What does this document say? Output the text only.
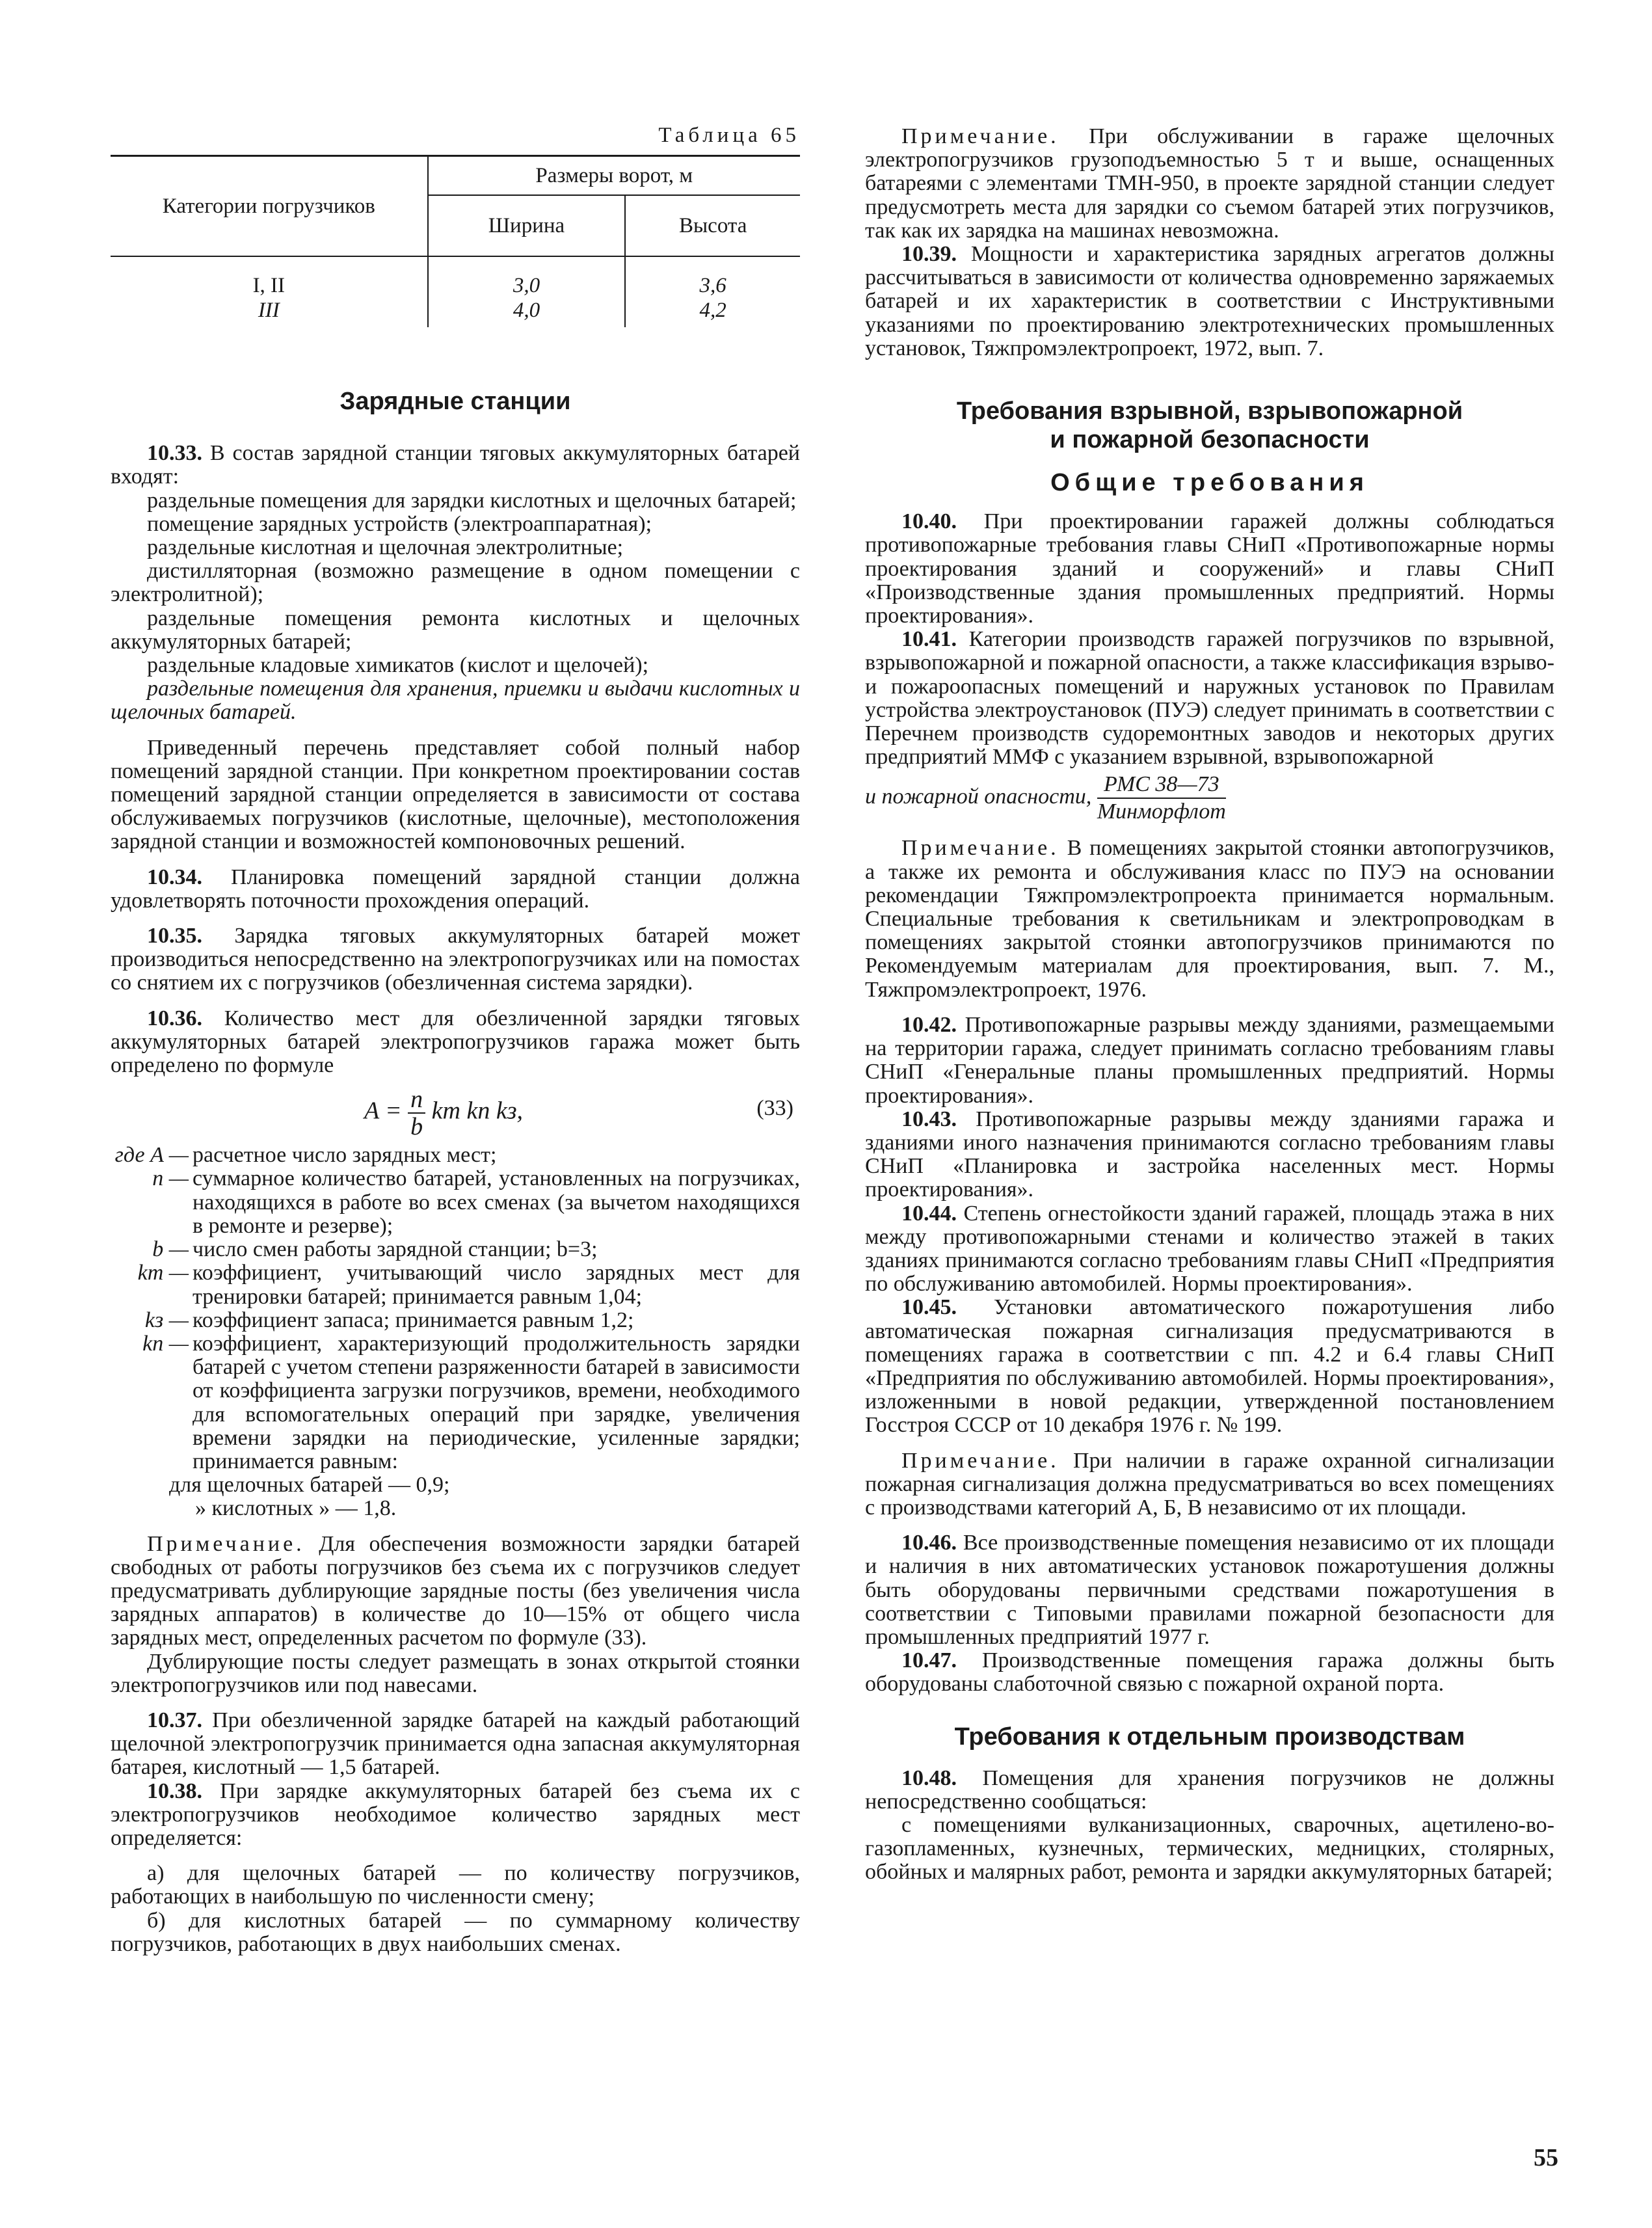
Таблица 65

Категории погрузчиков	Размеры ворот, м	
	Ширина	Высота
I, II	3,0	3,6
III	4,0	4,2

Зарядные станции

10.33. В состав зарядной станции тяговых аккумуляторных батарей входят:

раздельные помещения для зарядки кислотных и щелочных батарей;

помещение зарядных устройств (электроаппаратная);

раздельные кислотная и щелочная электролитные;

дистилляторная (возможно размещение в одном помещении с электролитной);

раздельные помещения ремонта кислотных и щелочных аккумуляторных батарей;

раздельные кладовые химикатов (кислот и щелочей);

раздельные помещения для хранения, приемки и выдачи кислотных и щелочных батарей.

Приведенный перечень представляет собой полный набор помещений зарядной станции. При конкретном проектировании состав помещений зарядной станции определяется в зависимости от состава обслуживаемых погрузчиков (кислотные, щелочные), местоположения зарядной станции и возможностей компоновочных решений.

10.34. Планировка помещений зарядной станции должна удовлетворять поточности прохождения операций.

10.35. Зарядка тяговых аккумуляторных батарей может производиться непосредственно на электропогрузчиках или на помостах со снятием их с погрузчиков (обезличенная система зарядки).

10.36. Количество мест для обезличенной зарядки тяговых аккумуляторных батарей электропогрузчиков гаража может быть определено по формуле

$A = \frac{n}{b}$ kт kп kз,	(33)
где A — расчетное число зарядных мест;
n — суммарное количество батарей, установленных на погрузчиках, находящихся в работе во всех сменах (за вычетом находящихся в ремонте и резерве);
b — число смен работы зарядной станции; b=3;
kт — коэффициент, учитывающий число зарядных мест для тренировки батарей; принимается равным 1,04;
kз — коэффициент запаса; принимается равным 1,2;
kп — коэффициент, характеризующий продолжительность зарядки батарей с учетом степени разряженности батарей в зависимости от коэффициента загрузки погрузчиков, времени, необходимого для вспомогательных операций при зарядке, увеличения времени зарядки на периодические, усиленные зарядки; принимается равным:

для щелочных батарей — 0,9;

» кислотных » — 1,8.

Примечание. Для обеспечения возможности зарядки батарей свободных от работы погрузчиков без съема их с погрузчиков следует предусматривать дублирующие зарядные посты (без увеличения числа зарядных аппаратов) в количестве до 10—15% от общего числа зарядных мест, определенных расчетом по формуле (33).

Дублирующие посты следует размещать в зонах открытой стоянки электропогрузчиков или под навесами.

10.37. При обезличенной зарядке батарей на каждый работающий щелочной электропогрузчик принимается одна запасная аккумуляторная батарея, кислотный — 1,5 батарей.

10.38. При зарядке аккумуляторных батарей без съема их с электропогрузчиков необходимое количество зарядных мест определяется:

а) для щелочных батарей — по количеству погрузчиков, работающих в наибольшую по численности смену;

б) для кислотных батарей — по суммарному количеству погрузчиков, работающих в двух наибольших сменах.

Примечание. При обслуживании в гараже щелочных электропогрузчиков грузоподъемностью 5 т и выше, оснащенных батареями с элементами ТМН-950, в проекте зарядной станции следует предусмотреть места для зарядки со съемом батарей этих погрузчиков, так как их зарядка на машинах невозможна.

10.39. Мощности и характеристика зарядных агрегатов должны рассчитываться в зависимости от количества одновременно заряжаемых батарей и их характеристик в соответствии с Инструктивными указаниями по проектированию электротехнических промышленных установок, Тяжпромэлектропроект, 1972, вып. 7.

Требования взрывной, взрывопожарной

и пожарной безопасности

Общие требования

10.40. При проектировании гаражей должны соблюдаться противопожарные требования главы СНиП «Противопожарные нормы проектирования зданий и сооружений» и главы СНиП «Производственные здания промышленных предприятий. Нормы проектирования».

10.41. Категории производств гаражей погрузчиков по взрывной, взрывопожарной и пожарной опасности, а также классификация взрыво- и пожароопасных помещений и наружных установок по Правилам устройства электроустановок (ПУЭ) следует принимать в соответствии с Перечнем производств судоремонтных заводов и некоторых других предприятий ММФ с указанием взрывной, взрывопожарной

и пожарной опасности, $\frac{\text{РМС 38—73}}{\text{Минморфлот}}$

Примечание. В помещениях закрытой стоянки автопогрузчиков, а также их ремонта и обслуживания класс по ПУЭ на основании рекомендации Тяжпромэлектропроекта принимается нормальным. Специальные требования к светильникам и электропроводкам в помещениях закрытой стоянки автопогрузчиков принимаются по Рекомендуемым материалам для проектирования, вып. 7. М., Тяжпромэлектропроект, 1976.

10.42. Противопожарные разрывы между зданиями, размещаемыми на территории гаража, следует принимать согласно требованиям главы СНиП «Генеральные планы промышленных предприятий. Нормы проектирования».

10.43. Противопожарные разрывы между зданиями гаража и зданиями иного назначения принимаются согласно требованиям главы СНиП «Планировка и застройка населенных мест. Нормы проектирования».

10.44. Степень огнестойкости зданий гаражей, площадь этажа в них между противопожарными стенами и количество этажей в таких зданиях принимаются согласно требованиям главы СНиП «Предприятия по обслуживанию автомобилей. Нормы проектирования».

10.45. Установки автоматического пожаротушения либо автоматическая пожарная сигнализация предусматриваются в помещениях гаража в соответствии с пп. 4.2 и 6.4 главы СНиП «Предприятия по обслуживанию автомобилей. Нормы проектирования», изложенными в новой редакции, утвержденной постановлением Госстроя СССР от 10 декабря 1976 г. № 199.

Примечание. При наличии в гараже охранной сигнализации пожарная сигнализация должна предусматриваться во всех помещениях с производствами категорий А, Б, В независимо от их площади.

10.46. Все производственные помещения независимо от их площади и наличия в них автоматических установок пожаротушения должны быть оборудованы первичными средствами пожаротушения в соответствии с Типовыми правилами пожарной безопасности для промышленных предприятий 1977 г.

10.47. Производственные помещения гаража должны быть оборудованы слаботочной связью с пожарной охраной порта.

Требования к отдельным производствам

10.48. Помещения для хранения погрузчиков не должны непосредственно сообщаться:

с помещениями вулканизационных, сварочных, ацетилено-во-газопламенных, кузнечных, термических, медницких, столярных, обойных и малярных работ, ремонта и зарядки аккумуляторных батарей;

55
